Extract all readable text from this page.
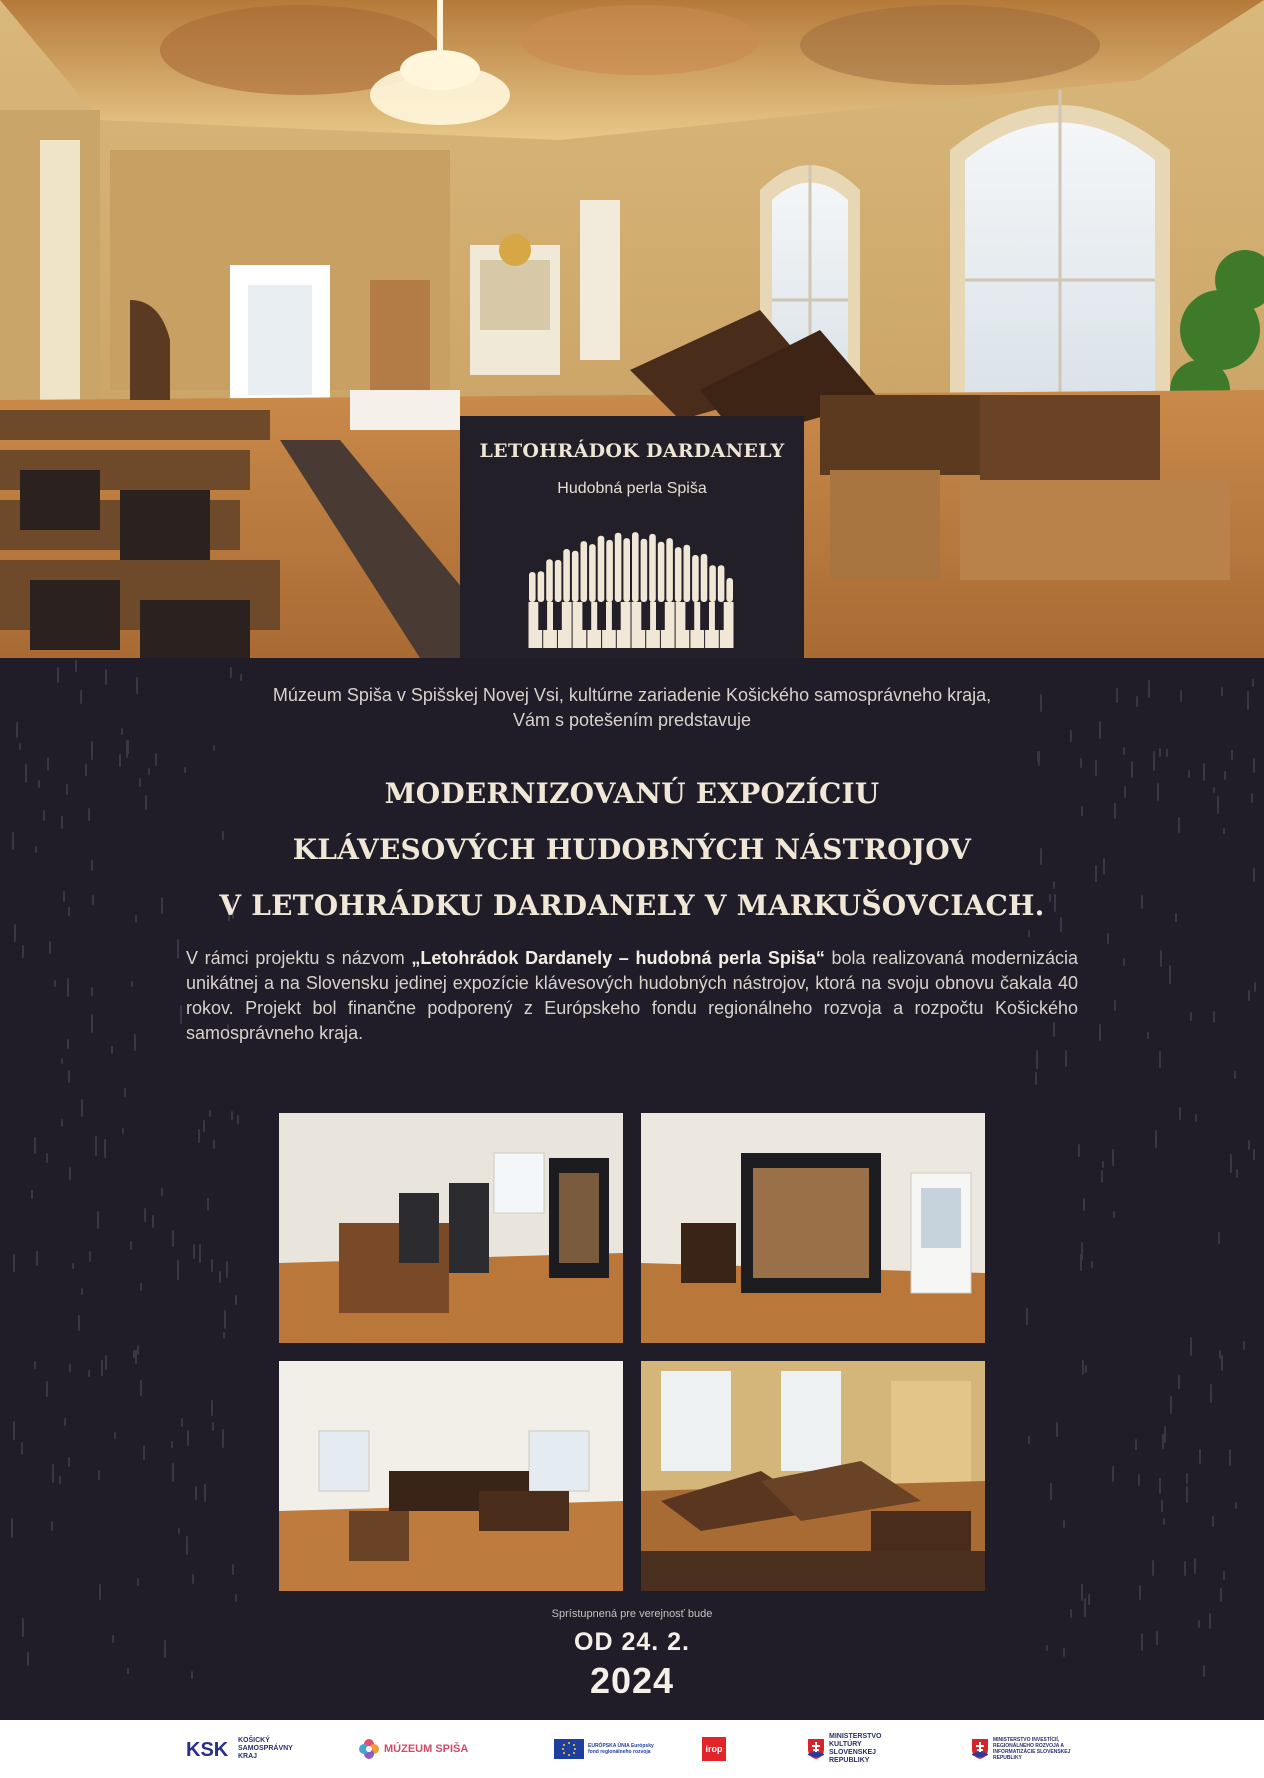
LETOHRÁDOK DARDANELY
Hudobná perla Spiša
Múzeum Spiša v Spišskej Novej Vsi, kultúrne zariadenie Košického samosprávneho kraja,
Vám s potešením predstavuje
MODERNIZOVANÚ EXPOZÍCIU
KLÁVESOVÝCH HUDOBNÝCH NÁSTROJOV
V LETOHRÁDKU DARDANELY V MARKUŠOVCIACH.
V rámci projektu s názvom „Letohrádok Dardanely – hudobná perla Spiša“ bola realizovaná modernizácia unikátnej a na Slovensku jedinej expozície klávesových hudobných nástrojov, ktorá na svoju obnovu čakala 40 rokov. Projekt bol finančne podporený z Európskeho fondu regionálneho rozvoja a rozpočtu Košického samosprávneho kraja.
Sprístupnená pre verejnosť bude
OD 24. 2.
2024
KSK KOŠICKÝ SAMOSPRÁVNY KRAJ
MÚZEUM SPIŠA	EURÓPSKA ÚNIA Európsky fond regionálneho rozvoja	irop
MINISTERSTVO KULTÚRY SLOVENSKEJ REPUBLIKY
MINISTERSTVO INVESTÍCIÍ, REGIONÁLNEHO ROZVOJA A INFORMATIZÁCIE SLOVENSKEJ REPUBLIKY
